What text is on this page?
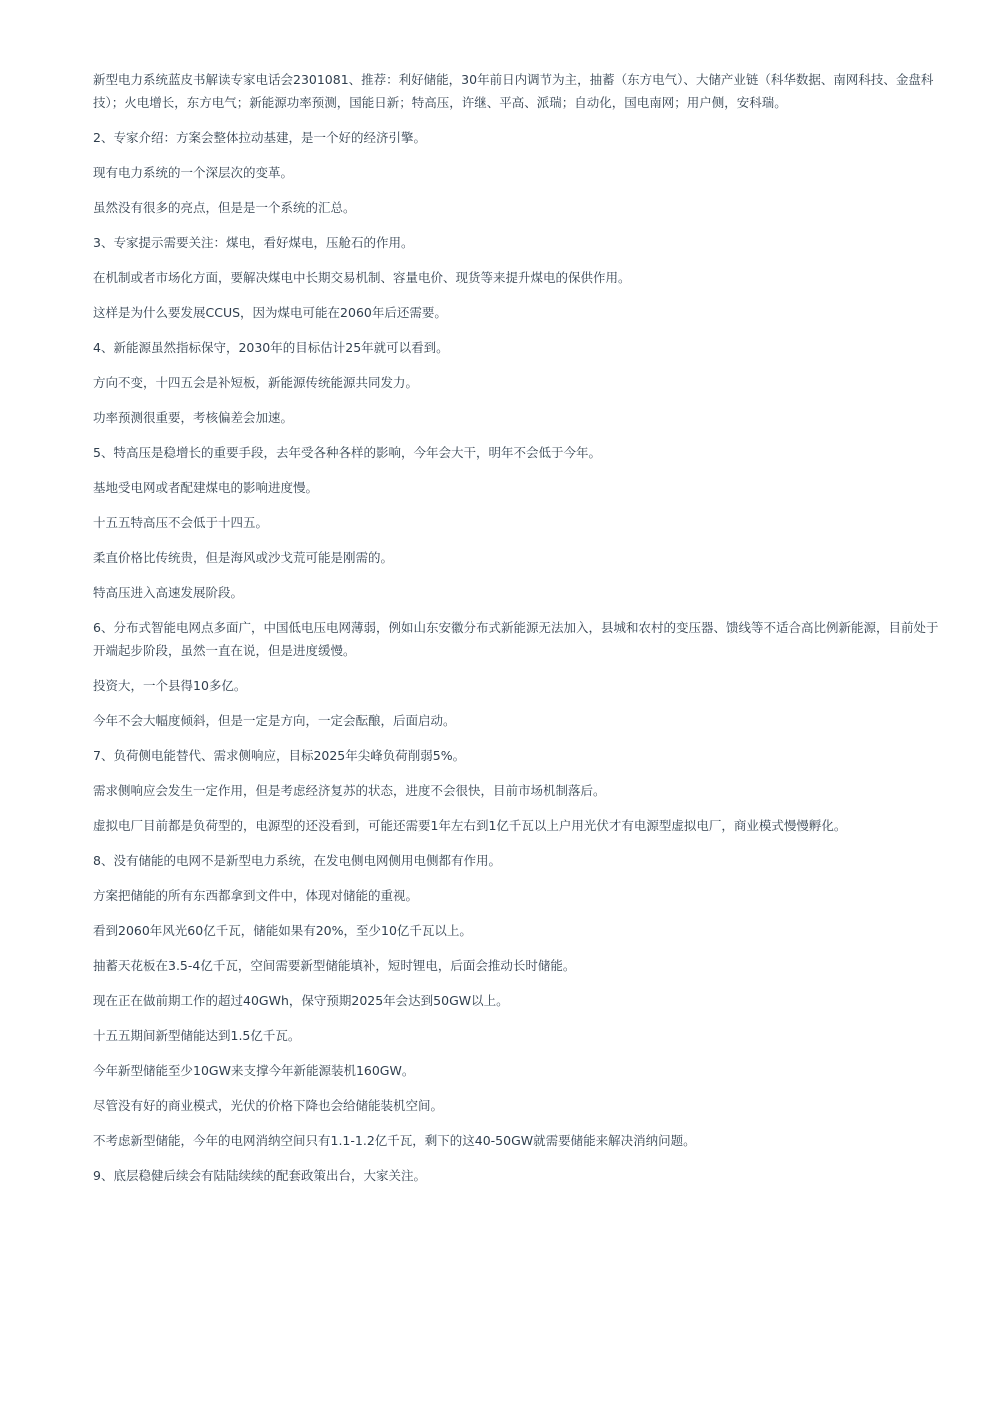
新型电力系统蓝皮书解读专家电话会2301081、推荐：利好储能，30年前日内调节为主，抽蓄（东方电气）、大储产业链（科华数据、南网科技、金盘科技）；火电增长，东方电气；新能源功率预测，国能日新；特高压，许继、平高、派瑞；自动化，国电南网；用户侧，安科瑞。

2、专家介绍：方案会整体拉动基建，是一个好的经济引擎。

现有电力系统的一个深层次的变革。

虽然没有很多的亮点，但是是一个系统的汇总。

3、专家提示需要关注：煤电，看好煤电，压舱石的作用。

在机制或者市场化方面，要解决煤电中长期交易机制、容量电价、现货等来提升煤电的保供作用。

这样是为什么要发展CCUS，因为煤电可能在2060年后还需要。

4、新能源虽然指标保守，2030年的目标估计25年就可以看到。

方向不变，十四五会是补短板，新能源传统能源共同发力。

功率预测很重要，考核偏差会加速。

5、特高压是稳增长的重要手段，去年受各种各样的影响，今年会大干，明年不会低于今年。

基地受电网或者配建煤电的影响进度慢。

十五五特高压不会低于十四五。

柔直价格比传统贵，但是海风或沙戈荒可能是刚需的。

特高压进入高速发展阶段。

6、分布式智能电网点多面广，中国低电压电网薄弱，例如山东安徽分布式新能源无法加入，县城和农村的变压器、馈线等不适合高比例新能源，目前处于开端起步阶段，虽然一直在说，但是进度缓慢。

投资大，一个县得10多亿。

今年不会大幅度倾斜，但是一定是方向，一定会酝酿，后面启动。

7、负荷侧电能替代、需求侧响应，目标2025年尖峰负荷削弱5%。

需求侧响应会发生一定作用，但是考虑经济复苏的状态，进度不会很快，目前市场机制落后。

虚拟电厂目前都是负荷型的，电源型的还没看到，可能还需要1年左右到1亿千瓦以上户用光伏才有电源型虚拟电厂，商业模式慢慢孵化。

8、没有储能的电网不是新型电力系统，在发电侧电网侧用电侧都有作用。

方案把储能的所有东西都拿到文件中，体现对储能的重视。

看到2060年风光60亿千瓦，储能如果有20%，至少10亿千瓦以上。

抽蓄天花板在3.5-4亿千瓦，空间需要新型储能填补，短时锂电，后面会推动长时储能。

现在正在做前期工作的超过40GWh，保守预期2025年会达到50GW以上。

十五五期间新型储能达到1.5亿千瓦。

今年新型储能至少10GW来支撑今年新能源装机160GW。

尽管没有好的商业模式，光伏的价格下降也会给储能装机空间。

不考虑新型储能，今年的电网消纳空间只有1.1-1.2亿千瓦，剩下的这40-50GW就需要储能来解决消纳问题。

9、底层稳健后续会有陆陆续续的配套政策出台，大家关注。
